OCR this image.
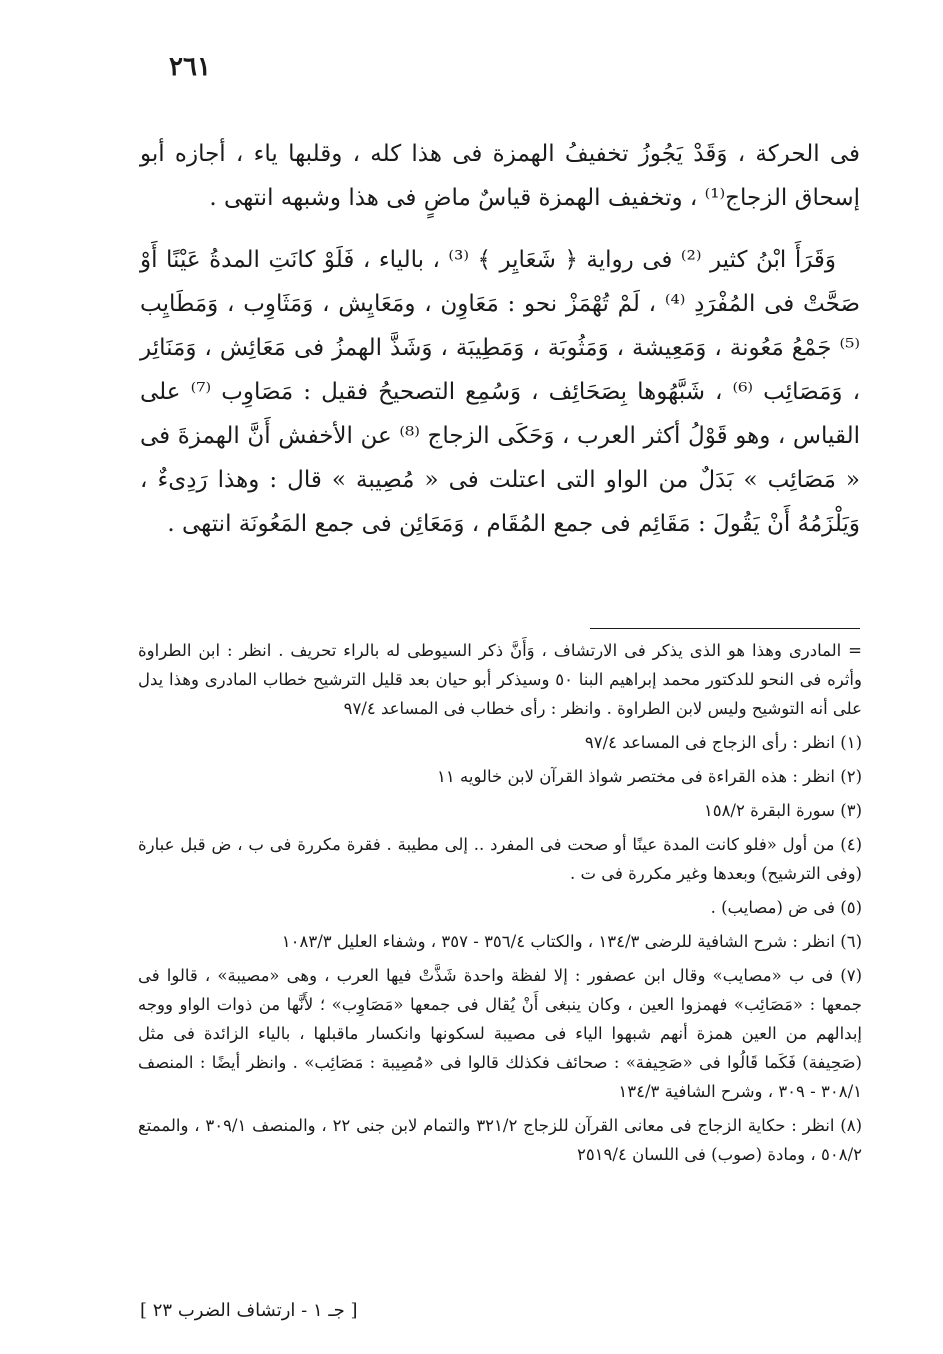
٢٦١

فى الحركة ، وَقَدْ يَجُوزُ تخفيفُ الهمزة فى هذا كله ، وقلبها ياء ، أجازه أبو إسحاق الزجاج⁽¹⁾ ، وتخفيف الهمزة قياسٌ ماضٍ فى هذا وشبهه انتهى .

وَقَرَأَ ابْنُ كثير ⁽²⁾ فى رواية ﴿ شَعَايِر ﴾ ⁽³⁾ ، بالياء ، فَلَوْ كانَتِ المدةُ عَيْنًا أَوْ صَحَّتْ فى المُفْرَدِ ⁽⁴⁾ ، لَمْ تُهْمَزْ نحو : مَعَاوِن ، ومَعَايِش ، وَمَثَاوِب ، وَمَطَايِب ⁽⁵⁾ جَمْعُ مَعُونة ، وَمَعِيشة ، وَمَثُوبَة ، وَمَطِيبَة ، وَشَذَّ الهمزُ فى مَعَائِش ، وَمَنَائِر ، وَمَصَائِب ⁽⁶⁾ ، شَبَّهُوها بِصَحَائِف ، وَسُمِع التصحيحُ فقيل : مَصَاوِب ⁽⁷⁾ على القياس ، وهو قَوْلُ أكثر العرب ، وَحَكَى الزجاج ⁽⁸⁾ عن الأخفش أَنَّ الهمزةَ فى « مَصَائِب » بَدَلٌ من الواو التى اعتلت فى « مُصِيبة » قال : وهذا رَدِىءٌ ، وَيَلْزَمُهُ أَنْ يَقُولَ : مَقَائِم فى جمع المُقَام ، وَمَعَائِن فى جمع المَعُونَة انتهى .

= المادرى وهذا هو الذى يذكر فى الارتشاف ، وَأَنَّ ذكر السيوطى له بالراء تحريف . انظر : ابن الطراوة وأثره فى النحو للدكتور محمد إبراهيم البنا ٥٠ وسيذكر أبو حيان بعد قليل الترشيح خطاب المادرى وهذا يدل على أنه التوشيح وليس لابن الطراوة . وانظر : رأى خطاب فى المساعد ٩٧/٤

(١) انظر : رأى الزجاج فى المساعد ٩٧/٤

(٢) انظر : هذه القراءة فى مختصر شواذ القرآن لابن خالويه ١١

(٣) سورة البقرة ١٥٨/٢

(٤) من أول «فلو كانت المدة عينًا أو صحت فى المفرد .. إلى مطيبة . فقرة مكررة فى ب ، ض قبل عبارة (وفى الترشيح) وبعدها وغير مكررة فى ت .

(٥) فى ض (مصايب) .

(٦) انظر : شرح الشافية للرضى ١٣٤/٣ ، والكتاب ٣٥٦/٤ - ٣٥٧ ، وشفاء العليل ١٠٨٣/٣

(٧) فى ب «مصايب» وقال ابن عصفور : إلا لفظة واحدة شَذَّتْ فيها العرب ، وهى «مصيبة» ، قالوا فى جمعها : «مَصَائِب» فهمزوا العين ، وكان ينبغى أَنْ يُقال فى جمعها «مَصَاوِب» ؛ لأَنَّها من ذوات الواو ووجه إبدالهم من العين همزة أنهم شبهوا الياء فى مصيبة لسكونها وانكسار ماقبلها ، بالياء الزائدة فى مثل (صَحِيفة) فَكَما قَالُوا فى «صَحِيفة» : صحائف فكذلك قالوا فى «مُصِيبة : مَصَائِب» . وانظر أيضًا : المنصف ٣٠٨/١ - ٣٠٩ ، وشرح الشافية ١٣٤/٣

(٨) انظر : حكاية الزجاج فى معانى القرآن للزجاج ٣٢١/٢ والتمام لابن جنى ٢٢ ، والمنصف ٣٠٩/١ ، والممتع ٥٠٨/٢ ، ومادة (صوب) فى اللسان ٢٥١٩/٤

[ جـ ١ - ارتشاف الضرب ٢٣ ]
